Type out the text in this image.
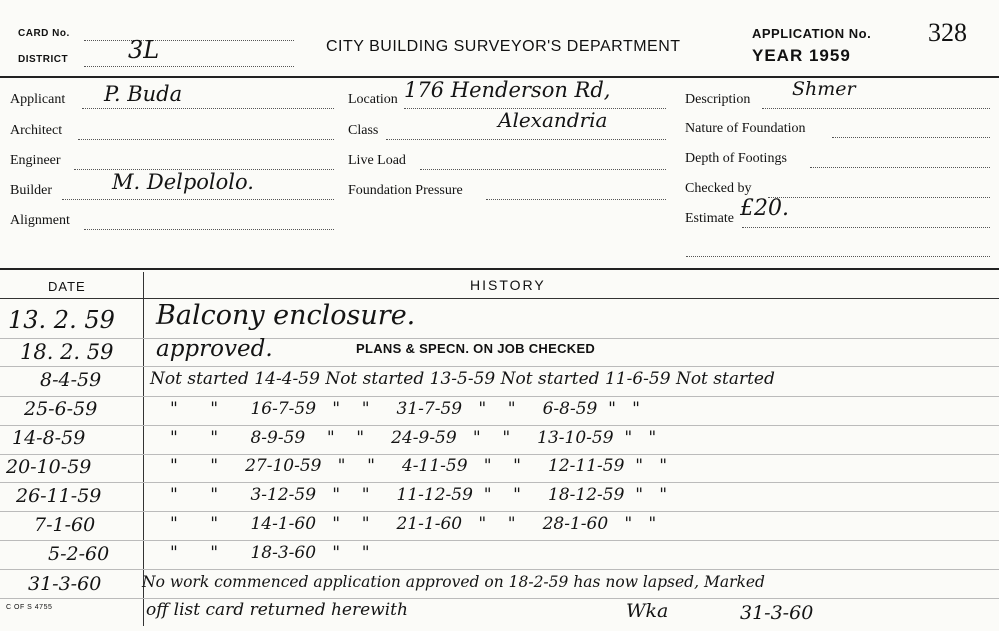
CARD No.
DISTRICT 3L	CITY BUILDING SURVEYOR'S DEPARTMENT
APPLICATION No. 328
YEAR 1959
Applicant P. Buda
Architect
Engineer
Builder	M. Delpololo.
Alignment
Location 176 Henderson Rd,
Class	Alexandria
Live Load
Foundation Pressure
Description Shmer
Nature of Foundation
Depth of Footings
Checked by
Estimate £20.
DATE	HISTORY
13. 2. 59 Balcony enclosure.
18. 2. 59 approved.	PLANS & SPECN. ON JOB CHECKED
8-4-59	Not started 14-4-59 Not started 13-5-59 Not started 11-6-59 Not started
25-6-59	"      "      16-7-59   "    "     31-7-59   "    "     6-8-59  "   "
14-8-59	"      "      8-9-59    "    "     24-9-59   "    "     13-10-59  "   "
20-10-59	"      "     27-10-59   "    "     4-11-59   "    "     12-11-59  "   "
26-11-59	"      "      3-12-59   "    "     11-12-59  "    "     18-12-59  "   "
7-1-60	"      "      14-1-60   "    "     21-1-60   "    "     28-1-60   "   "
5-2-60	"      "      18-3-60   "    "
31-3-60	No work commenced application approved on 18-2-59 has now lapsed, Marked
off list card returned herewith	Wka	31-3-60
C OF S 4755
